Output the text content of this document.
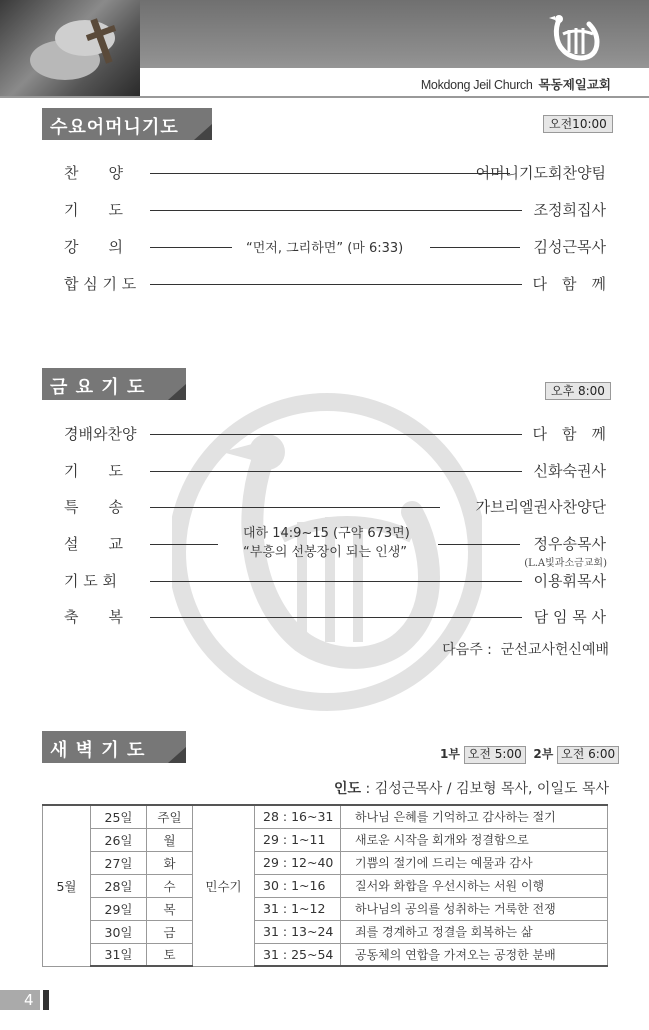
Mokdong Jeil Church 목동제일교회
수요어머니기도회
오전10:00
찬　　양	어머니기도회찬양팀
기　　도	조정희집사
강　　의	“먼저, 그리하면” (마 6:33)	김성근목사
합 심 기 도	다　함　께
금 요 기 도 회
오후 8:00
경배와찬양	다　함　께
기　　도	신화숙권사
특　　송	가브리엘권사찬양단
대하 14:9~15 (구약 673면)
“부흥의 선봉장이 되는 인생”
설　　교	정우송목사
(L.A빛과소금교회)
기 도 회	이용휘목사
축　　복	담 임 목 사
다음주 : 군선교사헌신예배
새 벽 기 도 회
1부 오전 5:00 2부 오전 6:00
인도 : 김성근목사 / 김보형 목사, 이일도 목사
5월	25일	주일	민수기	28 : 16~31	하나님 은혜를 기억하고 감사하는 절기
	26일	월		29 : 1~11	새로운 시작을 회개와 정결함으로
	27일	화		29 : 12~40	기쁨의 절기에 드리는 예물과 감사
	28일	수		30 : 1~16	질서와 화합을 우선시하는 서원 이행
	29일	목		31 : 1~12	하나님의 공의를 성취하는 거룩한 전쟁
	30일	금		31 : 13~24	죄를 경계하고 정결을 회복하는 삶
	31일	토		31 : 25~54	공동체의 연합을 가져오는 공정한 분배
4
